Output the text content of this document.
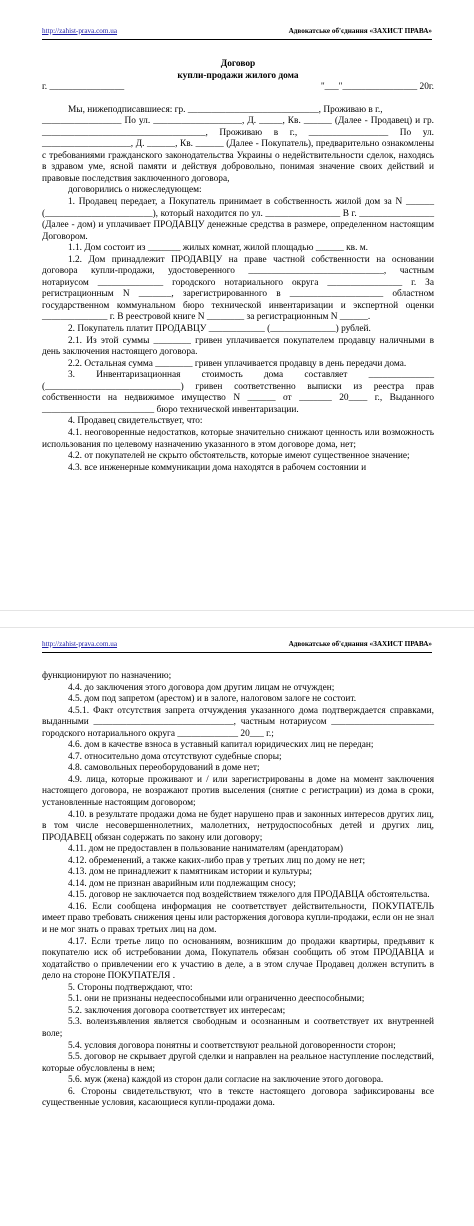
http://zahist-prava.com.ua	Адвокатське об'єднання «ЗАХИСТ ПРАВА»

Договор

купли-продажи жилого дома

г. ________________	"___"________________ 20г.

Мы, нижеподписавшиеся: гр. ____________________________, Проживаю в г.,

_________________ По ул. ___________________, Д. _____, Кв. ______ (Далее - Продавец) и гр. ___________________________________, Проживаю в г., _________________ По ул. ___________________, Д. ______, Кв. ______ (Далее - Покупатель), предварительно ознакомлены с требованиями гражданского законодательства Украины о недействительности сделок, находясь в здравом уме, ясной памяти и действуя добровольно, понимая значение своих действий и правовые последствия заключенного договора,

договорились о нижеследующем:

1. Продавец передает, а Покупатель принимает в собственность жилой дом за N ______ (_______________________), который находится по ул. ________________ В г. ________________ (Далее - дом) и уплачивает ПРОДАВЦУ денежные средства в размере, определенном настоящим Договором.

1.1. Дом состоит из _______ жилых комнат, жилой площадью ______ кв. м.

1.2. Дом принадлежит ПРОДАВЦУ на праве частной собственности на основании договора купли-продажи, удостоверенного _____________________________, частным нотариусом ______________ городского нотариального округа ________________ г. За регистрационным N _______, зарегистрированного в ____________________ областном государственном коммунальном бюро технической инвентаризации и экспертной оценки ______________ г. В реестровой книге N ________ за регистрационным N ______.

2. Покупатель платит ПРОДАВЦУ ____________ (______________) рублей.

2.1. Из этой суммы ________ гривен уплачивается покупателем продавцу наличными в день заключения настоящего договора.

2.2. Остальная сумма ________ гривен уплачивается продавцу в день передачи дома.

3. Инвентаризационная стоимость дома составляет ______________ (_____________________________) гривен соответственно выписки из реестра прав собственности на недвижимое имущество N ______ от _______ 20____ г., Выданного ________________________ бюро технической инвентаризации.

4. Продавец свидетельствует, что:

4.1. неоговоренные недостатков, которые значительно снижают ценность или возможность использования по целевому назначению указанного в этом договоре дома, нет;

4.2. от покупателей не скрыто обстоятельств, которые имеют существенное значение;

4.3. все инженерные коммуникации дома находятся в рабочем состоянии и

http://zahist-prava.com.ua	Адвокатське об'єднання «ЗАХИСТ ПРАВА»

функционируют по назначению;

4.4. до заключения этого договора дом другим лицам не отчужден;

4.5. дом под запретом (арестом) и в залоге, налоговом залоге не состоит.

4.5.1. Факт отсутствия запрета отчуждения указанного дома подтверждается справками, выданными ______________________________, частным нотариусом ______________________ городского нотариального округа _____________ 20___ г.;

4.6. дом в качестве взноса в уставный капитал юридических лиц не передан;

4.7. относительно дома отсутствуют судебные споры;

4.8. самовольных переоборудований в доме нет;

4.9. лица, которые проживают и / или зарегистрированы в доме на момент заключения настоящего договора, не возражают против выселения (снятие с регистрации) из дома в сроки, установленные настоящим договором;

4.10. в результате продажи дома не будет нарушено прав и законных интересов других лиц, в том числе несовершеннолетних, малолетних, нетрудоспособных детей и других лиц, ПРОДАВЕЦ обязан содержать по закону или договору;

4.11. дом не предоставлен в пользование нанимателям (арендаторам)

4.12. обременений, а также каких-либо прав у третьих лиц по дому не нет;

4.13. дом не принадлежит к памятникам истории и культуры;

4.14. дом не признан аварийным или подлежащим сносу;

4.15. договор не заключается под воздействием тяжелого для ПРОДАВЦА обстоятельства.

4.16. Если сообщена информация не соответствует действительности, ПОКУПАТЕЛЬ имеет право требовать снижения цены или расторжения договора купли-продажи, если он не знал и не мог знать о правах третьих лиц на дом.

4.17. Если третье лицо по основаниям, возникшим до продажи квартиры, предъявит к покупателю иск об истребовании дома, Покупатель обязан сообщить об этом ПРОДАВЦА и ходатайство о привлечении его к участию в деле, а в этом случае Продавец должен вступить в дело на стороне ПОКУПАТЕЛЯ .

5. Стороны подтверждают, что:

5.1. они не признаны недееспособными или ограниченно дееспособными;

5.2. заключения договора соответствует их интересам;

5.3. волеизъявления является свободным и осознанным и соответствует их внутренней воле;

5.4. условия договора понятны и соответствуют реальной договоренности сторон;

5.5. договор не скрывает другой сделки и направлен на реальное наступление последствий, которые обусловлены в нем;

5.6. муж (жена) каждой из сторон дали согласие на заключение этого договора.

6. Стороны свидетельствуют, что в тексте настоящего договора зафиксированы все существенные условия, касающиеся купли-продажи дома.
